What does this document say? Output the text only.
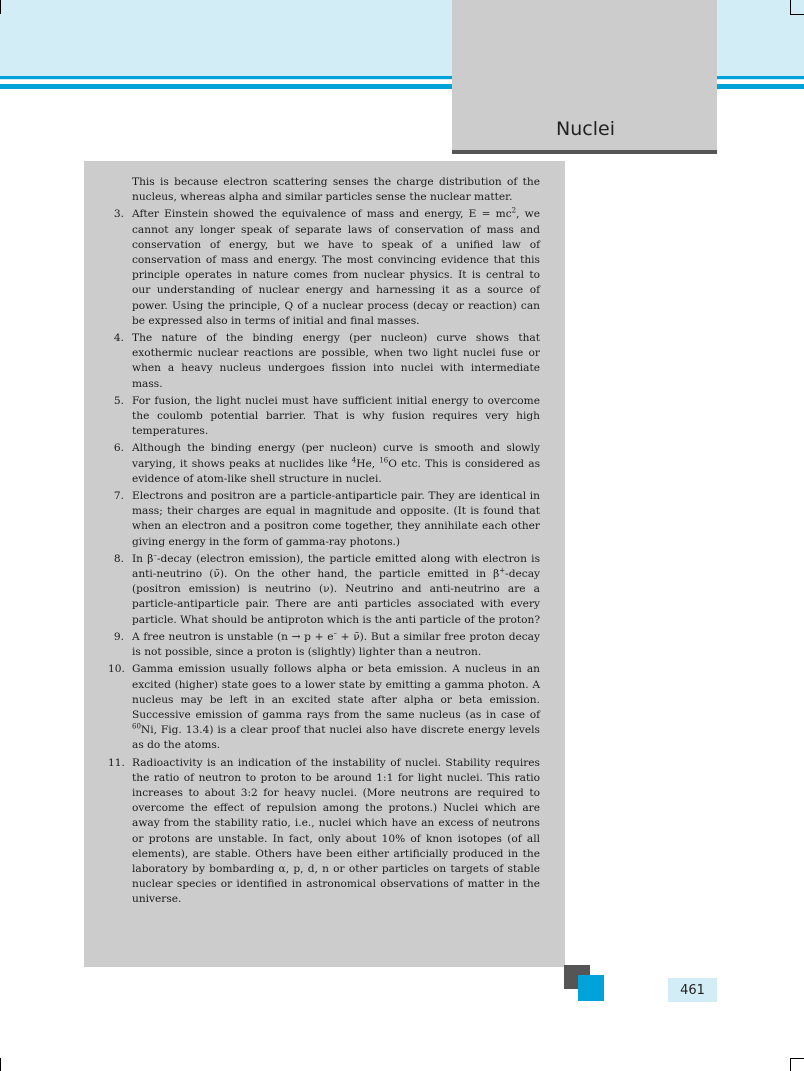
Nuclei

This is because electron scattering senses the charge distribution of the nucleus, whereas alpha and similar particles sense the nuclear matter.

3. After Einstein showed the equivalence of mass and energy, $E = mc^2$, we cannot any longer speak of separate laws of conservation of mass and conservation of energy, but we have to speak of a unified law of conservation of mass and energy. The most convincing evidence that this principle operates in nature comes from nuclear physics. It is central to our understanding of nuclear energy and harnessing it as a source of power. Using the principle, Q of a nuclear process (decay or reaction) can be expressed also in terms of initial and final masses.
4. The nature of the binding energy (per nucleon) curve shows that exothermic nuclear reactions are possible, when two light nuclei fuse or when a heavy nucleus undergoes fission into nuclei with intermediate mass.
5. For fusion, the light nuclei must have sufficient initial energy to overcome the coulomb potential barrier. That is why fusion requires very high temperatures.
6. Although the binding energy (per nucleon) curve is smooth and slowly varying, it shows peaks at nuclides like $^4$He, $^{16}$O etc. This is considered as evidence of atom-like shell structure in nuclei.
7. Electrons and positron are a particle-antiparticle pair. They are identical in mass; their charges are equal in magnitude and opposite. (It is found that when an electron and a positron come together, they annihilate each other giving energy in the form of gamma-ray photons.)
8. In β–-decay (electron emission), the particle emitted along with electron is anti-neutrino (ν̄). On the other hand, the particle emitted in β+-decay (positron emission) is neutrino (ν). Neutrino and anti-neutrino are a particle-antiparticle pair. There are anti particles associated with every particle. What should be antiproton which is the anti particle of the proton?
9. A free neutron is unstable (n → p + e– + ν̄). But a similar free proton decay is not possible, since a proton is (slightly) lighter than a neutron.
10. Gamma emission usually follows alpha or beta emission. A nucleus in an excited (higher) state goes to a lower state by emitting a gamma photon. A nucleus may be left in an excited state after alpha or beta emission. Successive emission of gamma rays from the same nucleus (as in case of $^{60}$Ni, Fig. 13.4) is a clear proof that nuclei also have discrete energy levels as do the atoms.
11. Radioactivity is an indication of the instability of nuclei. Stability requires the ratio of neutron to proton to be around 1:1 for light nuclei. This ratio increases to about 3:2 for heavy nuclei. (More neutrons are required to overcome the effect of repulsion among the protons.) Nuclei which are away from the stability ratio, i.e., nuclei which have an excess of neutrons or protons are unstable. In fact, only about 10% of knon isotopes (of all elements), are stable. Others have been either artificially produced in the laboratory by bombarding α, p, d, n or other particles on targets of stable nuclear species or identified in astronomical observations of matter in the universe.
461
